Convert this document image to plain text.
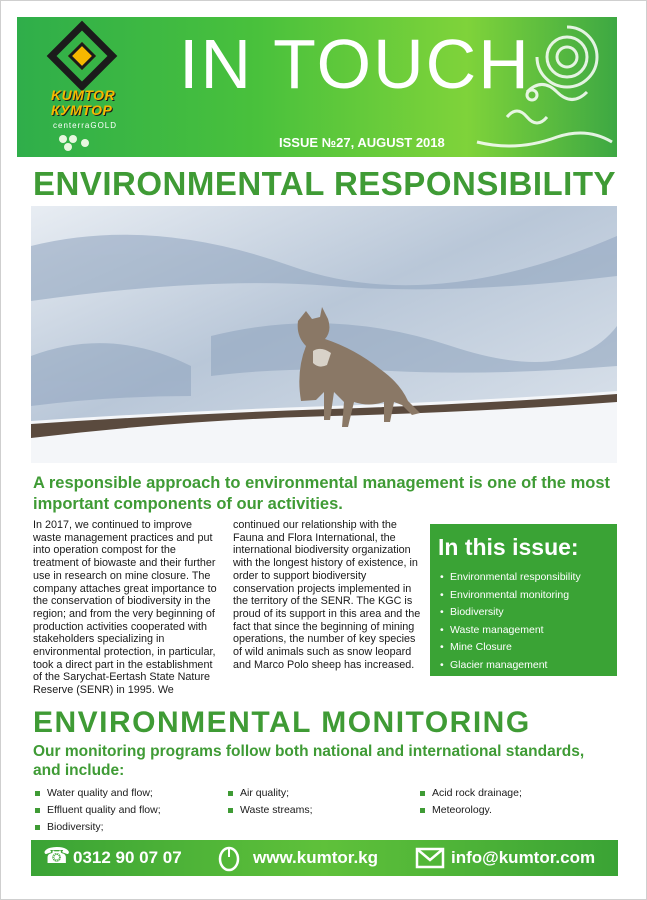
KUMTOR
КУМТОР
centerraGOLD
IN TOUCH
ISSUE №27, AUGUST 2018
ENVIRONMENTAL RESPONSIBILITY
A responsible approach to environmental management is one of the most important components of our activities.
In 2017, we continued to improve waste management practices and put into operation compost for the treatment of biowaste and their further use in research on mine closure. The company attaches great importance to the conservation of biodiversity in the region; and from the very beginning of production activities cooperated with stakeholders specializing in environmental protection, in particular, took a direct part in the establishment of the Sarychat-Eertash State Nature Reserve (SENR) in 1995. We
continued our relationship with the Fauna and Flora International, the international biodiversity organization with the longest history of existence, in order to support biodiversity conservation projects implemented in the territory of the SENR. The KGC is proud of its support in this area and the fact that since the beginning of mining operations, the number of key species of wild animals such as snow leopard and Marco Polo sheep has increased.
In this issue:
• Environmental responsibility
• Environmental monitoring
• Biodiversity
• Waste management
• Mine Closure
• Glacier management
ENVIRONMENTAL MONITORING
Our monitoring programs follow both national and international standards, and include:
Water quality and flow;
Effluent quality and flow;
Biodiversity;
Air quality;
Waste streams;
Acid rock drainage;
Meteorology.
☎ 0312 90 07 07	www.kumtor.kg	info@kumtor.com
